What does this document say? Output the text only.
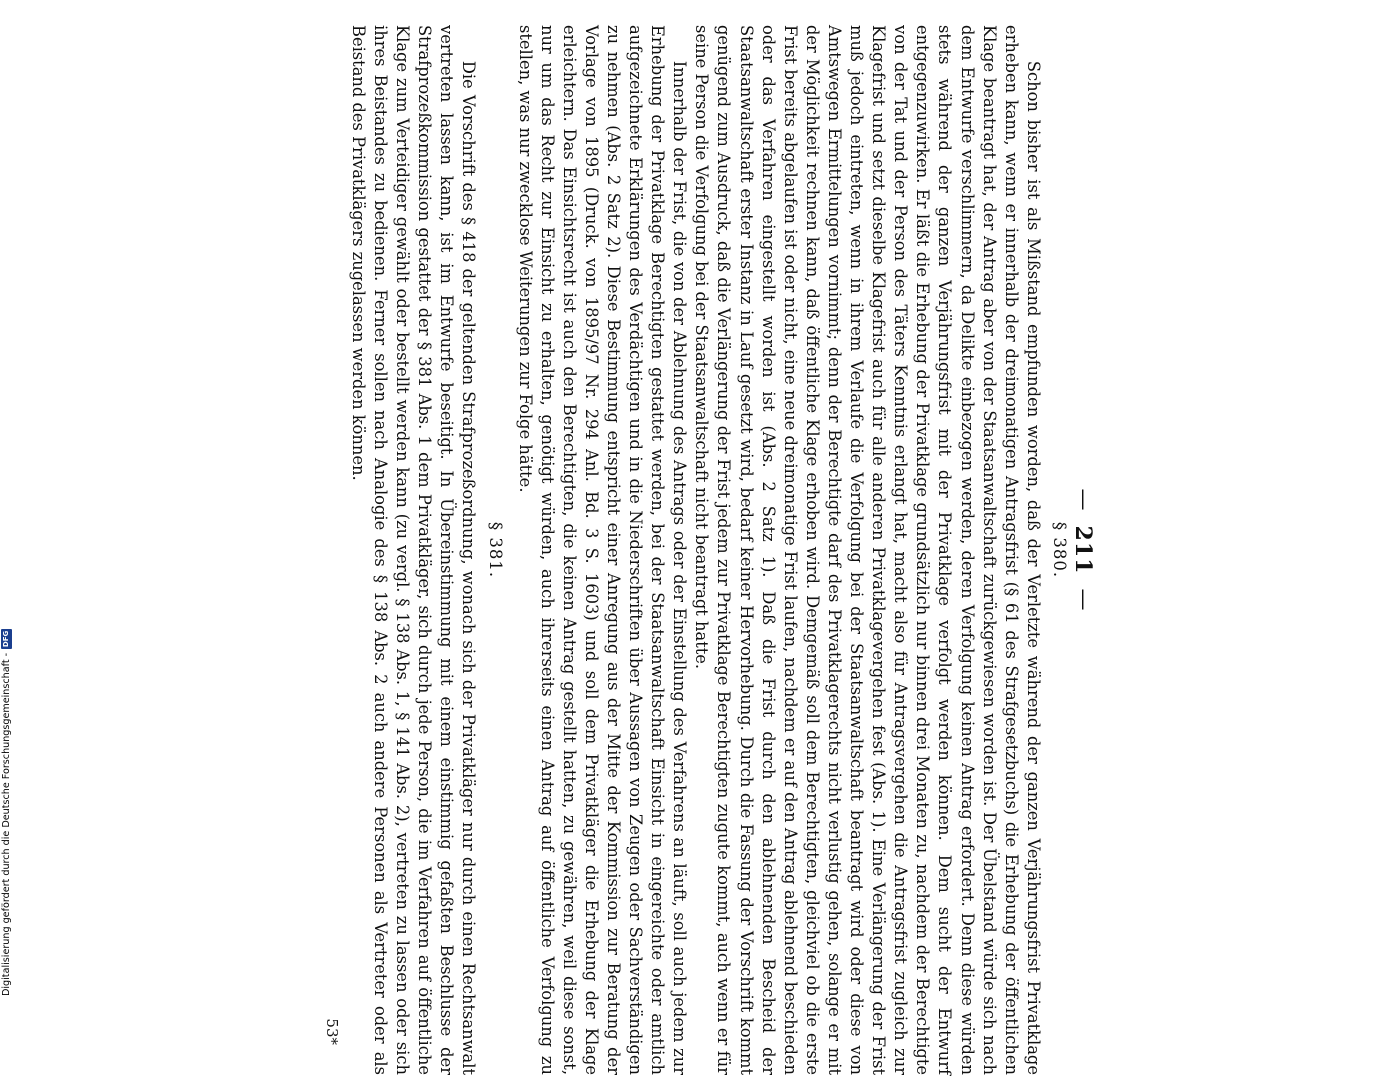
Digitalisierung gefördert durch die Deutsche Forschungsgemeinschaft -
DFG
—
211
—
§ 380.

Schon bisher ist als Mißstand empfunden worden, daß der Verletzte während der ganzen Verjährungsfrist Privatklage erheben kann, wenn er innerhalb der dreimonatigen Antragsfrist (§ 61 des Strafgesetzbuchs) die Erhebung der öffentlichen Klage beantragt hat, der Antrag aber von der Staatsanwaltschaft zurückgewiesen worden ist. Der Übelstand würde sich nach dem Entwurfe verschlimmern, da Delikte einbezogen werden, deren Verfolgung keinen Antrag erfordert. Denn diese würden stets während der ganzen Verjährungsfrist mit der Privatklage verfolgt werden können. Dem sucht der Entwurf entgegenzuwirken. Er läßt die Erhebung der Privatklage grundsätzlich nur binnen drei Monaten zu, nachdem der Berechtigte von der Tat und der Person des Täters Kenntnis erlangt hat, macht also für Antragsvergehen die Antragsfrist zugleich zur Klagefrist und setzt dieselbe Klagefrist auch für alle anderen Privatklagevergehen fest (Abs. 1). Eine Verlängerung der Frist muß jedoch eintreten, wenn in ihrem Verlaufe die Verfolgung bei der Staatsanwaltschaft beantragt wird oder diese von Amtswegen Ermittelungen vornimmt; denn der Berechtigte darf des Privatklagerechts nicht verlustig gehen, solange er mit der Möglichkeit rechnen kann, daß öffentliche Klage erhoben wird. Demgemäß soll dem Berechtigten, gleichviel ob die erste Frist bereits abgelaufen ist oder nicht, eine neue dreimonatige Frist laufen, nachdem er auf den Antrag ablehnend beschieden oder das Verfahren eingestellt worden ist (Abs. 2 Satz 1). Daß die Frist durch den ablehnenden Bescheid der Staatsanwaltschaft erster Instanz in Lauf gesetzt wird, bedarf keiner Hervorhebung. Durch die Fassung der Vorschrift kommt genügend zum Ausdruck, daß die Verlängerung der Frist jedem zur Privatklage Berechtigten zugute kommt, auch wenn er für seine Person die Verfolgung bei der Staatsanwaltschaft nicht beantragt hatte.

Innerhalb der Frist, die von der Ablehnung des Antrags oder der Einstellung des Verfahrens an läuft, soll auch jedem zur Erhebung der Privatklage Berechtigten gestattet werden, bei der Staatsanwaltschaft Einsicht in eingereichte oder amtlich aufgezeichnete Erklärungen des Verdächtigen und in die Niederschriften über Aussagen von Zeugen oder Sachverständigen zu nehmen (Abs. 2 Satz 2). Diese Bestimmung entspricht einer Anregung aus der Mitte der Kommission zur Beratung der Vorlage von 1895 (Druck. von 1895/97 Nr. 294 Anl. Bd. 3 S. 1603) und soll dem Privatkläger die Erhebung der Klage erleichtern. Das Einsichtsrecht ist auch den Berechtigten, die keinen Antrag gestellt hatten, zu gewähren, weil diese sonst, nur um das Recht zur Einsicht zu erhalten, genötigt würden, auch ihrerseits einen Antrag auf öffentliche Verfolgung zu stellen, was nur zwecklose Weiterungen zur Folge hätte.

§ 381.

Die Vorschrift des § 418 der geltenden Strafprozeßordnung, wonach sich der Privatkläger nur durch einen Rechtsanwalt vertreten lassen kann, ist im Entwurfe beseitigt. In Übereinstimmung mit einem einstimmig gefaßten Beschlusse der Strafprozeßkommission gestattet der § 381 Abs. 1 dem Privatkläger, sich durch jede Person, die im Verfahren auf öffentliche Klage zum Verteidiger gewählt oder bestellt werden kann (zu vergl. § 138 Abs. 1, § 141 Abs. 2), vertreten zu lassen oder sich ihres Beistandes zu bedienen. Ferner sollen nach Analogie des § 138 Abs. 2 auch andere Personen als Vertreter oder als Beistand des Privatklägers zugelassen werden können.

53*
